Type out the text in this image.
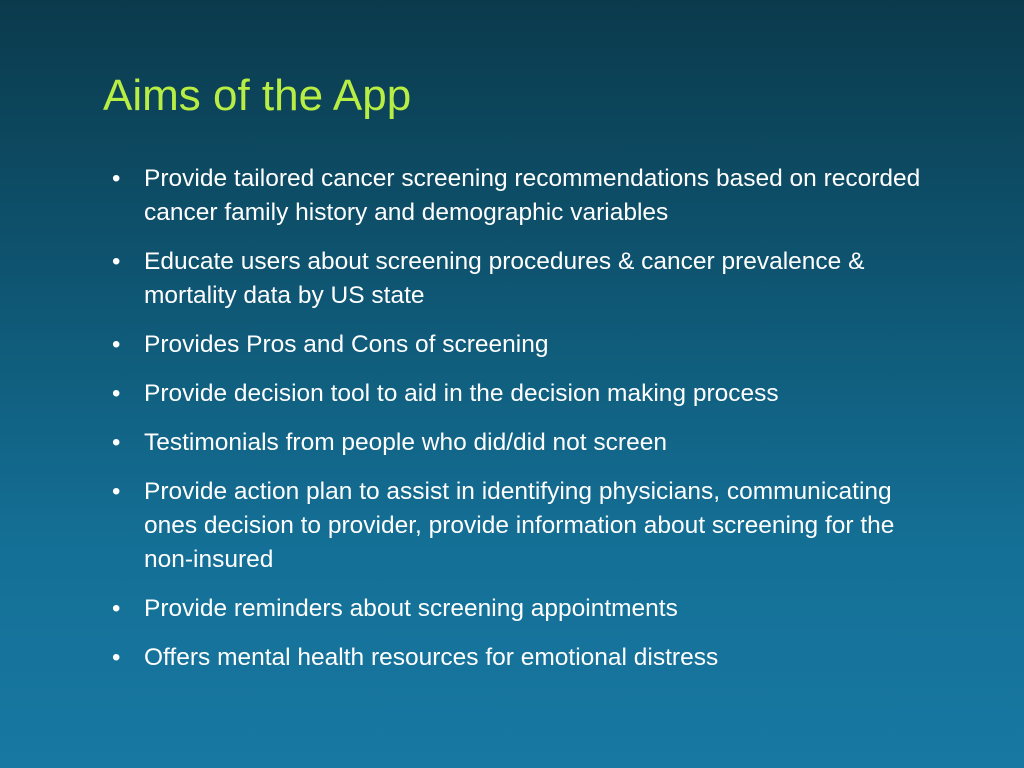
Aims of the App
• Provide tailored cancer screening recommendations based on recorded cancer family history and demographic variables
• Educate users about screening procedures & cancer prevalence & mortality data by US state
• Provides Pros and Cons of screening
• Provide decision tool to aid in the decision making process
• Testimonials from people who did/did not screen
• Provide action plan to assist in identifying physicians, communicating ones decision to provider, provide information about screening for the non-insured
• Provide reminders about screening appointments
• Offers mental health resources for emotional distress
